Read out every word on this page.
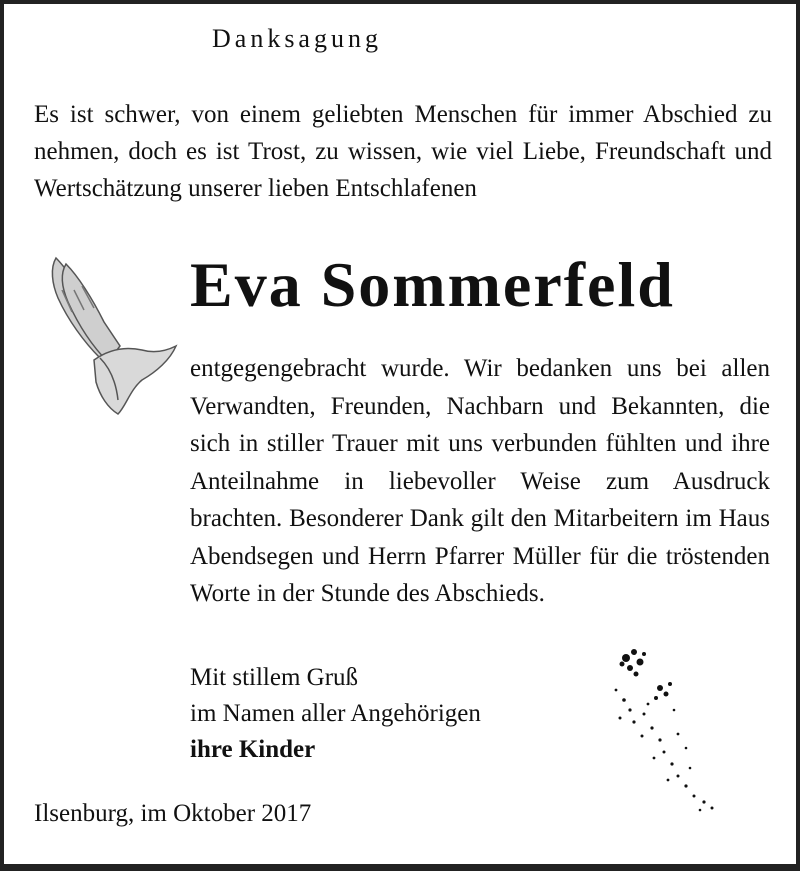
Danksagung
Es ist schwer, von einem geliebten Menschen für immer Abschied zu nehmen, doch es ist Trost, zu wissen, wie viel Liebe, Freundschaft und Wertschätzung unserer lieben Entschlafenen
Eva Sommerfeld
entgegengebracht wurde. Wir bedanken uns bei allen Verwandten, Freunden, Nachbarn und Bekannten, die sich in stiller Trauer mit uns verbunden fühlten und ihre Anteilnahme in liebevoller Weise zum Ausdruck brachten. Besonderer Dank gilt den Mitarbeitern im Haus Abendsegen und Herrn Pfarrer Müller für die tröstenden Worte in der Stunde des Abschieds.
Mit stillem Gruß
im Namen aller Angehörigen
ihre Kinder
Ilsenburg, im Oktober 2017
